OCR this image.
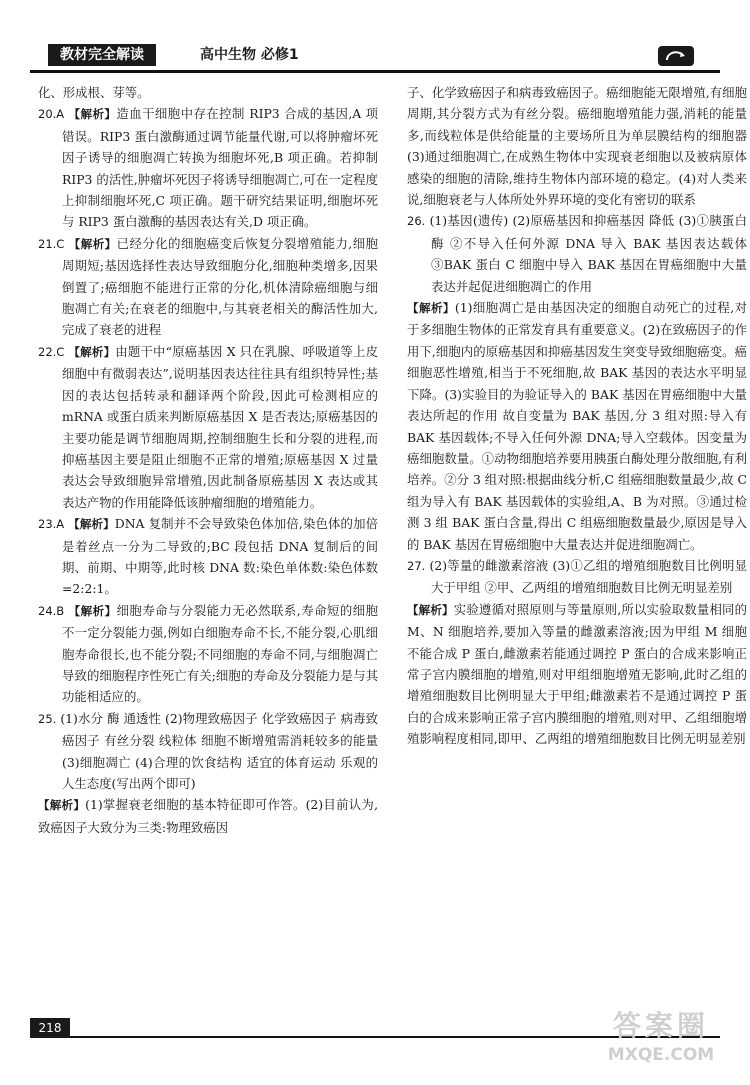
教材完全解读	高中生物 必修1

化、形成根、芽等。

20.A 【解析】造血干细胞中存在控制 RIP3 合成的基因,A 项错误。RIP3 蛋白激酶通过调节能量代谢,可以将肿瘤坏死因子诱导的细胞凋亡转换为细胞坏死,B 项正确。若抑制 RIP3 的活性,肿瘤坏死因子将诱导细胞凋亡,可在一定程度上抑制细胞坏死,C 项正确。题干研究结果证明,细胞坏死与 RIP3 蛋白激酶的基因表达有关,D 项正确。

21.C 【解析】已经分化的细胞癌变后恢复分裂增殖能力,细胞周期短;基因选择性表达导致细胞分化,细胞种类增多,因果倒置了;癌细胞不能进行正常的分化,机体清除癌细胞与细胞凋亡有关;在衰老的细胞中,与其衰老相关的酶活性加大,完成了衰老的进程

22.C 【解析】由题干中“原癌基因 X 只在乳腺、呼吸道等上皮细胞中有微弱表达”,说明基因表达往往具有组织特异性;基因的表达包括转录和翻译两个阶段,因此可检测相应的 mRNA 或蛋白质来判断原癌基因 X 是否表达;原癌基因的主要功能是调节细胞周期,控制细胞生长和分裂的进程,而抑癌基因主要是阻止细胞不正常的增殖;原癌基因 X 过量表达会导致细胞异常增殖,因此制备原癌基因 X 表达或其表达产物的作用能降低该肿瘤细胞的增殖能力。

23.A 【解析】DNA 复制并不会导致染色体加倍,染色体的加倍是着丝点一分为二导致的;BC 段包括 DNA 复制后的间期、前期、中期等,此时核 DNA 数:染色单体数:染色体数=2:2:1。

24.B 【解析】细胞寿命与分裂能力无必然联系,寿命短的细胞不一定分裂能力强,例如白细胞寿命不长,不能分裂,心肌细胞寿命很长,也不能分裂;不同细胞的寿命不同,与细胞凋亡导致的细胞程序性死亡有关;细胞的寿命及分裂能力是与其功能相适应的。

25. (1)水分 酶 通透性 (2)物理致癌因子 化学致癌因子 病毒致癌因子 有丝分裂 线粒体 细胞不断增殖需消耗较多的能量 (3)细胞凋亡 (4)合理的饮食结构 适宜的体育运动 乐观的人生态度(写出两个即可)

【解析】(1)掌握衰老细胞的基本特征即可作答。(2)目前认为,致癌因子大致分为三类:物理致癌因

子、化学致癌因子和病毒致癌因子。癌细胞能无限增殖,有细胞周期,其分裂方式为有丝分裂。癌细胞增殖能力强,消耗的能量多,而线粒体是供给能量的主要场所且为单层膜结构的细胞器 (3)通过细胞凋亡,在成熟生物体中实现衰老细胞以及被病原体感染的细胞的清除,维持生物体内部环境的稳定。(4)对人类来说,细胞衰老与人体所处外界环境的变化有密切的联系

26. (1)基因(遗传) (2)原癌基因和抑癌基因 降低 (3)①胰蛋白酶 ②不导入任何外源 DNA 导入 BAK 基因表达载体 ③BAK 蛋白 C 细胞中导入 BAK 基因在胃癌细胞中大量表达并起促进细胞凋亡的作用

【解析】(1)细胞凋亡是由基因决定的细胞自动死亡的过程,对于多细胞生物体的正常发育具有重要意义。(2)在致癌因子的作用下,细胞内的原癌基因和抑癌基因发生突变导致细胞癌变。癌细胞恶性增殖,相当于不死细胞,故 BAK 基因的表达水平明显下降。(3)实验目的为验证导入的 BAK 基因在胃癌细胞中大量表达所起的作用 故自变量为 BAK 基因,分 3 组对照:导入有 BAK 基因载体;不导入任何外源 DNA;导入空载体。因变量为癌细胞数量。①动物细胞培养要用胰蛋白酶处理分散细胞,有利培养。②分 3 组对照:根据曲线分析,C 组癌细胞数量最少,故 C 组为导入有 BAK 基因载体的实验组,A、B 为对照。③通过检测 3 组 BAK 蛋白含量,得出 C 组癌细胞数量最少,原因是导入的 BAK 基因在胃癌细胞中大量表达并促进细胞凋亡。

27. (2)等量的雌激素溶液 (3)①乙组的增殖细胞数目比例明显大于甲组 ②甲、乙两组的增殖细胞数目比例无明显差别

【解析】实验遵循对照原则与等量原则,所以实验取数量相同的 M、N 细胞培养,要加入等量的雌激素溶液;因为甲组 M 细胞不能合成 P 蛋白,雌激素若能通过调控 P 蛋白的合成来影响正常子宫内膜细胞的增殖,则对甲组细胞增殖无影响,此时乙组的增殖细胞数目比例明显大于甲组;雌激素若不是通过调控 P 蛋白的合成来影响正常子宫内膜细胞的增殖,则对甲、乙组细胞增殖影响程度相同,即甲、乙两组的增殖细胞数目比例无明显差别

218	答案圈
MXQE.COM
